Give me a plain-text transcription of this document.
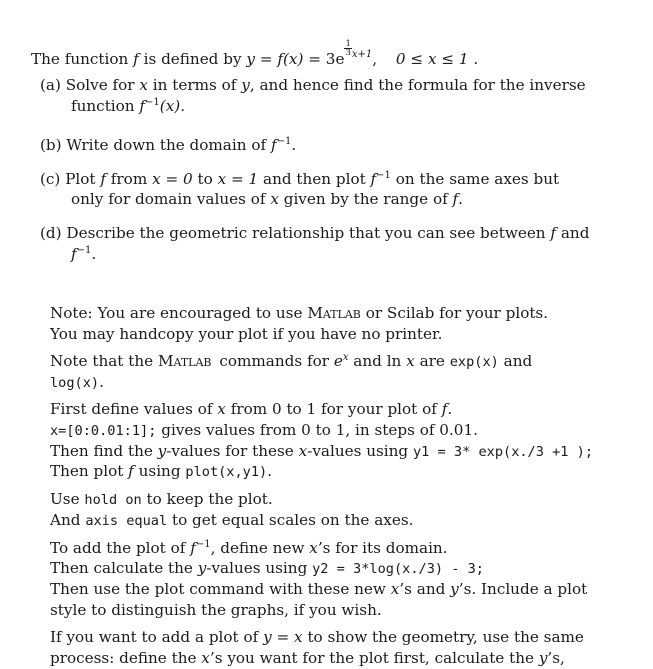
The function f is defined by y = f(x) = 3e
$\frac{1}{3} ^{x+1}$, 0 ≤ x ≤ 1 .
(a) Solve for x in terms of y, and hence find the formula for the inverse
function $f^{-1}(x)$.
(b) Write down the domain of $f^{-1}$.
(c) Plot f from x = 0 to x = 1 and then plot $f^{-1}$ on the same axes but
only for domain values of x given by the range of f.
(d) Describe the geometric relationship that you can see between f and
$f^{-1}$.
Note: You are encouraged to use Matlab or Scilab for your plots.
You may handcopy your plot if you have no printer.
Note that the Matlab commands for $e^x$ and ln x are exp(x) and
log(x).
First define values of x from 0 to 1 for your plot of f.
x=[0:0.01:1]; gives values from 0 to 1, in steps of 0.01.
Then find the y-values for these x-values using y1 = 3* exp(x./3 +1 );
Then plot f using plot(x,y1).
Use hold on to keep the plot.
And axis equal to get equal scales on the axes.
To add the plot of $f^{-1}$, define new x’s for its domain.
Then calculate the y-values using y2 = 3*log(x./3) - 3;
Then use the plot command with these new x’s and y’s. Include a plot
style to distinguish the graphs, if you wish.
If you want to add a plot of y = x to show the geometry, use the same
process: define the x’s you want for the plot first, calculate the y’s,
